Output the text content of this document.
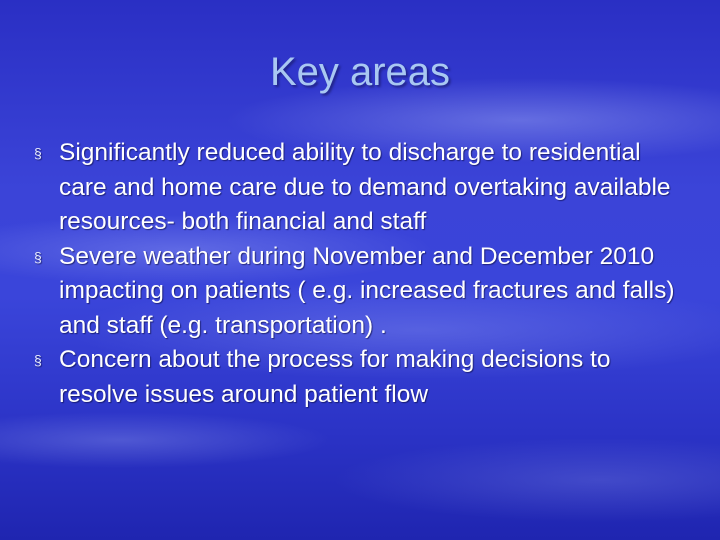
Key areas
§ Significantly reduced ability to discharge to residential care and home care due to demand overtaking available resources- both financial and staff
§ Severe weather during November and December 2010 impacting on patients ( e.g. increased fractures and falls) and staff (e.g. transportation) .
§ Concern about the process for making decisions to resolve issues around patient flow
